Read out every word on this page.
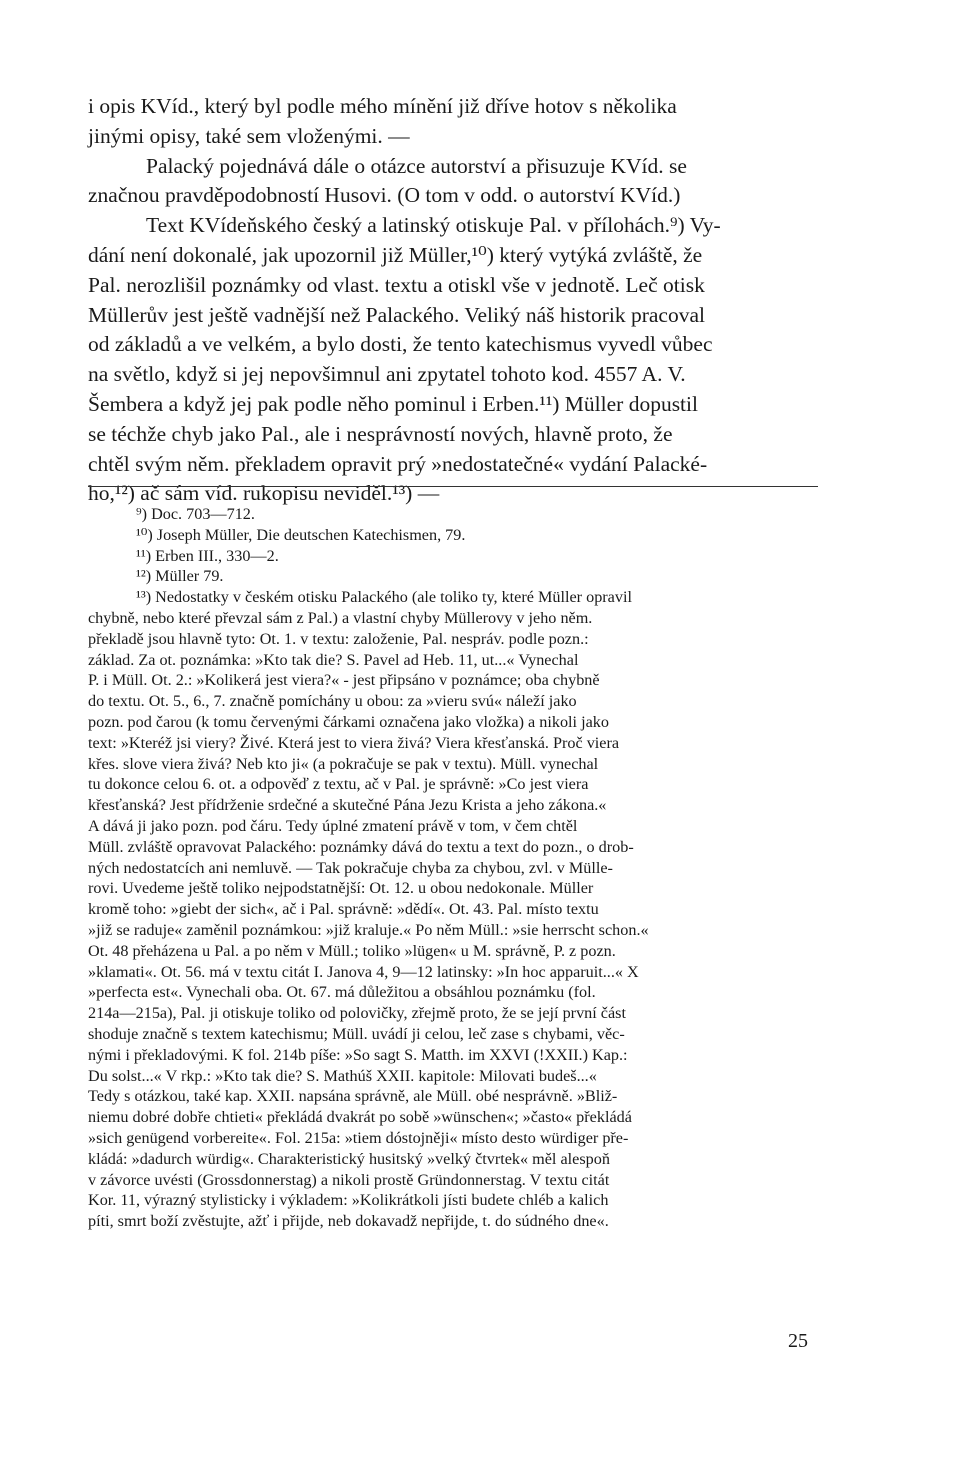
i opis KVíd., který byl podle mého mínění již dříve hotov s několika
jinými opisy, také sem vloženými. —
Palacký pojednává dále o otázce autorství a přisuzuje KVíd. se
značnou pravděpodobností Husovi. (O tom v odd. o autorství KVíd.)
Text KVídeňského český a latinský otiskuje Pal. v přílohách.⁹) Vy-
dání není dokonalé, jak upozornil již Müller,¹⁰) který vytýká zvláště, že
Pal. nerozlišil poznámky od vlast. textu a otiskl vše v jednotě. Leč otisk
Müllerův jest ještě vadnější než Palackého. Veliký náš historik pracoval
od základů a ve velkém, a bylo dosti, že tento katechismus vyvedl vůbec
na světlo, když si jej nepovšimnul ani zpytatel tohoto kod. 4557 A. V.
Šembera a když jej pak podle něho pominul i Erben.¹¹) Müller dopustil
se téchže chyb jako Pal., ale i nesprávností nových, hlavně proto, že
chtěl svým něm. překladem opravit prý »nedostatečné« vydání Palacké-
ho,¹²) ač sám víd. rukopisu neviděl.¹³) —
⁹) Doc. 703—712.
¹⁰) Joseph Müller, Die deutschen Katechismen, 79.
¹¹) Erben III., 330—2.
¹²) Müller 79.
¹³) Nedostatky v českém otisku Palackého (ale toliko ty, které Müller opravil
chybně, nebo které převzal sám z Pal.) a vlastní chyby Müllerovy v jeho něm.
překladě jsou hlavně tyto: Ot. 1. v textu: založenie, Pal. nespráv. podle pozn.:
základ. Za ot. poznámka: »Kto tak die? S. Pavel ad Heb. 11, ut...« Vynechal
P. i Müll. Ot. 2.: »Kolikerá jest viera?« - jest připsáno v poznámce; oba chybně
do textu. Ot. 5., 6., 7. značně pomíchány u obou: za »vieru svú« náleží jako
pozn. pod čarou (k tomu červenými čárkami označena jako vložka) a nikoli jako
text: »Kteréž jsi viery? Živé. Která jest to viera živá? Viera křesťanská. Proč viera
křes. slove viera živá? Neb kto ji« (a pokračuje se pak v textu). Müll. vynechal
tu dokonce celou 6. ot. a odpověď z textu, ač v Pal. je správně: »Co jest viera
křesťanská? Jest přídrženie srdečné a skutečné Pána Jezu Krista a jeho zákona.«
A dává ji jako pozn. pod čáru. Tedy úplné zmatení právě v tom, v čem chtěl
Müll. zvláště opravovat Palackého: poznámky dává do textu a text do pozn., o drob-
ných nedostatcích ani nemluvě. — Tak pokračuje chyba za chybou, zvl. v Mülle-
rovi. Uvedeme ještě toliko nejpodstatnější: Ot. 12. u obou nedokonale. Müller
kromě toho: »giebt der sich«, ač i Pal. správně: »dědí«. Ot. 43. Pal. místo textu
»již se raduje« zaměnil poznámkou: »již kraluje.« Po něm Müll.: »sie herrscht schon.«
Ot. 48 přeházena u Pal. a po něm v Müll.; toliko »lügen« u M. správně, P. z pozn.
»klamati«. Ot. 56. má v textu citát I. Janova 4, 9—12 latinsky: »In hoc apparuit...« X
»perfecta est«. Vynechali oba. Ot. 67. má důležitou a obsáhlou poznámku (fol.
214a—215a), Pal. ji otiskuje toliko od polovičky, zřejmě proto, že se její první část
shoduje značně s textem katechismu; Müll. uvádí ji celou, leč zase s chybami, věc-
nými i překladovými. K fol. 214b píše: »So sagt S. Matth. im XXVI (!XXII.) Kap.:
Du solst...« V rkp.: »Kto tak die? S. Mathúš XXII. kapitole: Milovati budeš...«
Tedy s otázkou, také kap. XXII. napsána správně, ale Müll. obé nesprávně. »Bliž-
niemu dobré dobře chtieti« překládá dvakrát po sobě »wünschen«; »často« překládá
»sich genügend vorbereite«. Fol. 215a: »tiem dóstojněji« místo desto würdiger pře-
kládá: »dadurch würdig«. Charakteristický husitský »velký čtvrtek« měl alespoň
v závorce uvésti (Grossdonnerstag) a nikoli prostě Gründonnerstag. V textu citát
Kor. 11, výrazný stylisticky i výkladem: »Kolikrátkoli jísti budete chléb a kalich
píti, smrt boží zvěstujte, ažť i přijde, neb dokavadž nepřijde, t. do súdného dne«.
25
